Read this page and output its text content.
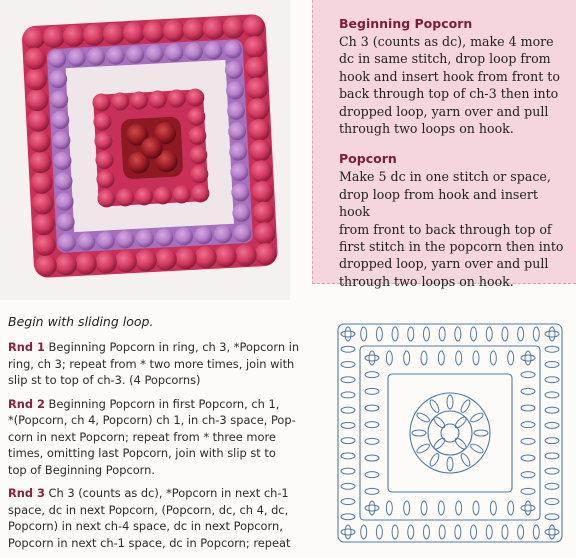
Beginning Popcorn

Ch 3 (counts as dc), make 4 more
dc in same stitch, drop loop from
hook and insert hook from front to
back through top of ch-3 then into
dropped loop, yarn over and pull
through two loops on hook.

Popcorn

Make 5 dc in one stitch or space,
drop loop from hook and insert hook
from front to back through top of
first stitch in the popcorn then into
dropped loop, yarn over and pull
through two loops on hook.

Begin with sliding loop.

Rnd 1 Beginning Popcorn in ring, ch 3, *Popcorn in
ring, ch 3; repeat from * two more times, join with
slip st to top of ch-3. (4 Popcorns)

Rnd 2 Beginning Popcorn in first Popcorn, ch 1,
*(Popcorn, ch 4, Popcorn) ch 1, in ch-3 space, Pop-
corn in next Popcorn; repeat from * three more
times, omitting last Popcorn, join with slip st to
top of Beginning Popcorn.

Rnd 3 Ch 3 (counts as dc), *Popcorn in next ch-1
space, dc in next Popcorn, (Popcorn, dc, ch 4, dc,
Popcorn) in next ch-4 space, dc in next Popcorn,
Popcorn in next ch-1 space, dc in Popcorn; repeat
